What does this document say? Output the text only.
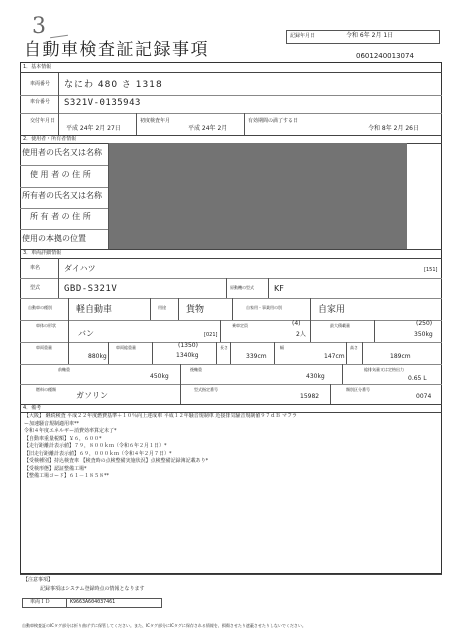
3	記録年月日	令和 6年 2月 1日
自動車検査証記録事項	0601240013074
1．基本情報
車両番号 なにわ 480 さ 1318
車台番号 S321V-0135943
交付年月日
平成 24年 2月 27日
初度検査年月
平成 24年 2月
有効期間の満了する日
令和 8年 2月 26日
2．使用者・所有者情報
使用者の氏名又は名称
使 用 者 の 住 所
所有者の氏名又は名称
所 有 者 の 住 所
使用の本拠の位置
3．車両詳細情報
車名	ダイハツ	[151]
型式	GBD-S321V	原動機の型式	KF
自動車の種別	軽自動車	用途 貨物	自家用・事業用の別	自家用
車体の形状
バン	[021]
乗車定員	(4)
2人
最大積載量	(250)
350kg
車両重量
880kg
車両総重量	(1350)
1340kg
長さ
339cm
幅
147cm
高さ
189cm
前軸重
450kg
後軸重
430kg
総排気量又は定格出力
0.65 L
燃料の種類
ガソリン
型式指定番号
15982
類別区分番号
0074
4．備考
【大阪】 継続検査 平成２２年度燃費基準＋１０％向上達成車 平成１２年騒音規制車 近接排気騒音規制値９７ｄＢ マフラ
ー加速騒音規制適用車**
令和４年度エネルギー消費効率算定未了*
【自動車重量税額】￥６，６００*
【走行距離計表示値】７９，８００ｋｍ（令和６年２月１日）*
【旧走行距離計表示値】６９，０００ｋｍ（令和４年２月７日）*
【受検種別】持込検査車 【検査時の点検整備実施状況】点検整備記録簿記載あり*
【受検形態】認証整備工場*
【整備工場コード】６１－１８５８**
【注意事項】
記録事項はシステム登録時点の情報となります
車両ＩＤ	K9663A604037461
自動車検査証のICタグ部分は折り曲げずに保管してください。また、ICタグ部分にICタグに保存される情報を、損傷させたり遮蔽させたりしないでください。
